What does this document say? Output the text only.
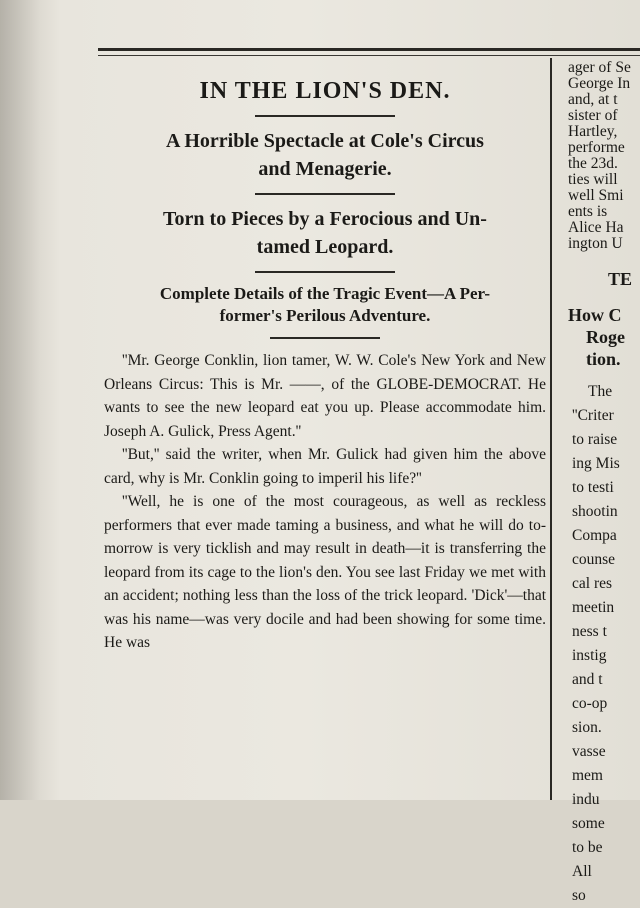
IN THE LION'S DEN.
A Horrible Spectacle at Cole's Circus
and Menagerie.
Torn to Pieces by a Ferocious and Un-
tamed Leopard.
Complete Details of the Tragic Event—A Per-
former's Perilous Adventure.

''Mr. George Conklin, lion tamer, W. W. Cole's New York and New Orleans Circus: This is Mr. ——, of the GLOBE-DEMOCRAT. He wants to see the new leopard eat you up. Please accommodate him. Joseph A. Gulick, Press Agent.''

''But,'' said the writer, when Mr. Gulick had given him the above card, why is Mr. Conklin going to imperil his life?''

''Well, he is one of the most courageous, as well as reckless performers that ever made taming a business, and what he will do to-morrow is very ticklish and may result in death—it is transferring the leopard from its cage to the lion's den. You see last Friday we met with an accident; nothing less than the loss of the trick leopard. 'Dick'—that was his name—was very docile and had been showing for some time. He was

ager of Se
George In
and, at t
sister of
Hartley,
performe
the 23d.
ties will
well Smi
ents is
Alice Ha
ington U
TE
How C
Roge
tion.
The
''Criter
to raise
ing Mis
to testi
shootin
Compa
counse
cal res
meetin
ness t
instig
and t
co-op
sion.
vasse
mem
indu
some
to be
All
so
